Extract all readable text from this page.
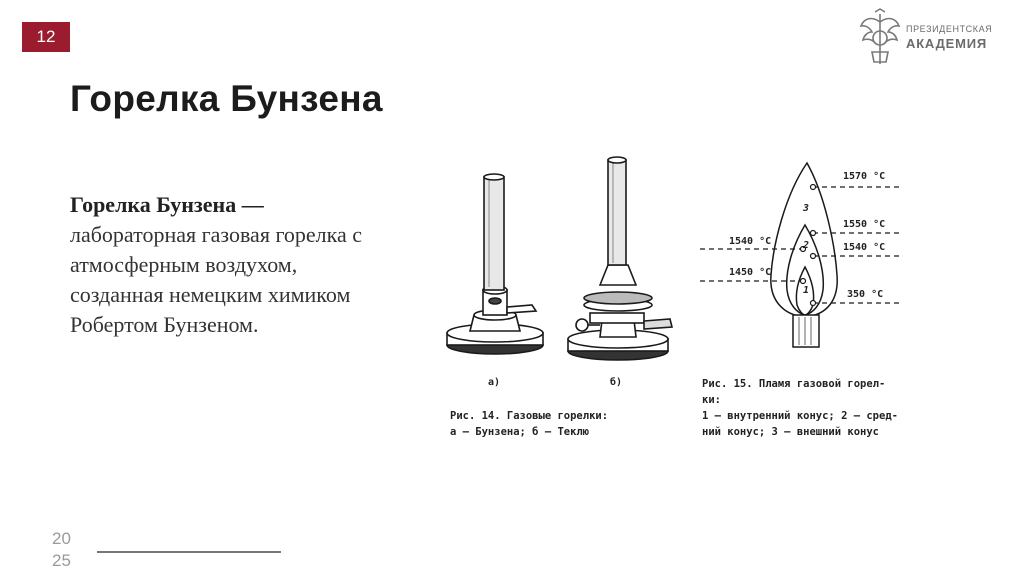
12	ПРЕЗИДЕНТСКАЯ
АКАДЕМИЯ
Горелка Бунзена
Горелка Бунзена — лабораторная газовая горелка с атмосферным воздухом, созданная немецким химиком Робертом Бунзеном.
а)	б)
Рис. 14. Газовые горелки:
а — Бунзена; б — Теклю
1570 °С
1550 °С
1540 °С
1540 °С
1450 °С
350 °С
3
2
1
Рис. 15. Пламя газовой горел-
ки:
1 — внутренний конус; 2 — сред-
ний конус; 3 — внешний конус
20
25
